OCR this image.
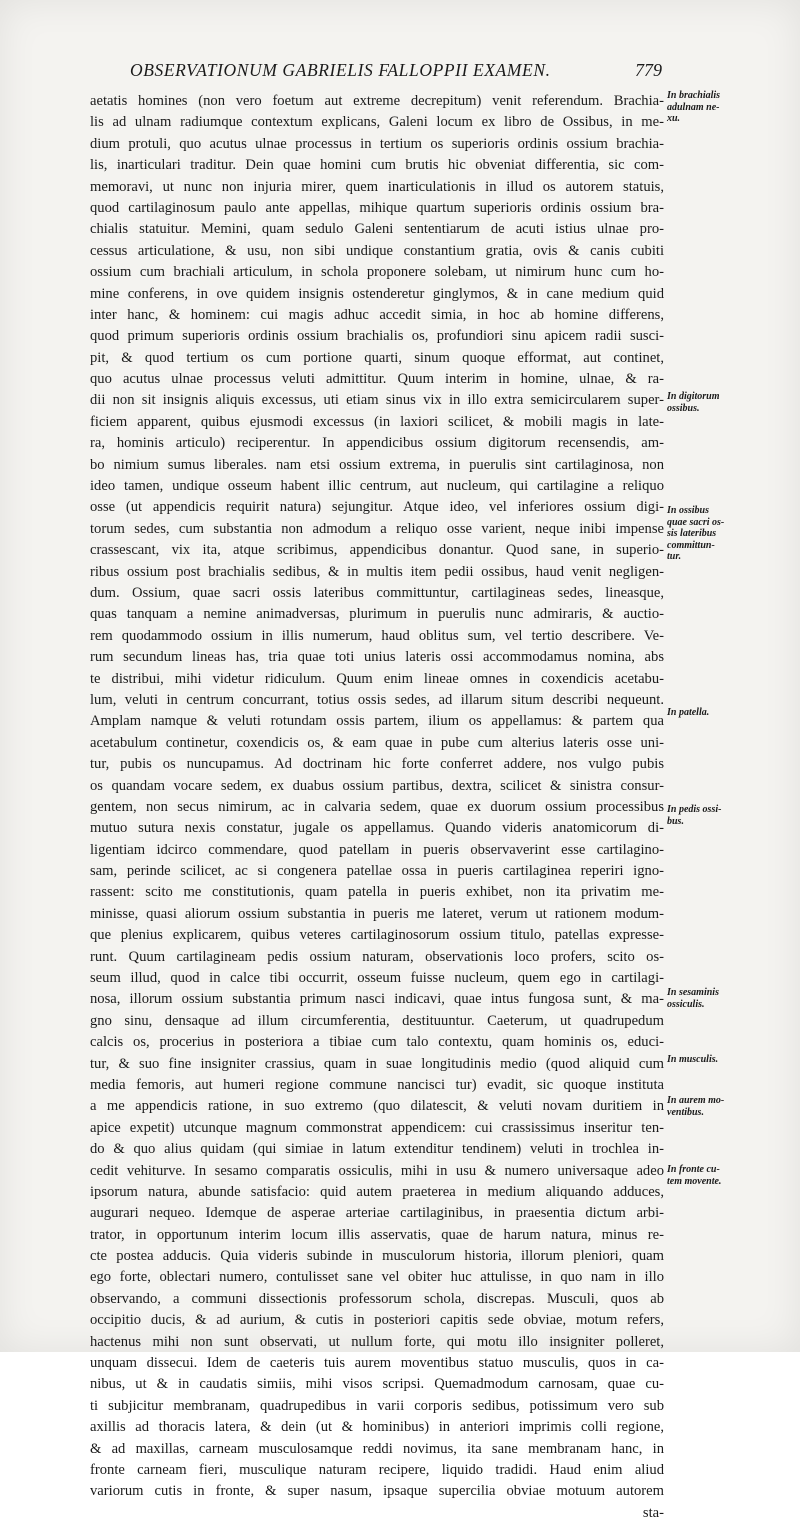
OBSERVATIONUM GABRIELIS FALLOPPII EXAMEN.	779
aetatis homines (non vero foetum aut extreme decrepitum) venit referendum. Brachia-
lis ad ulnam radiumque contextum explicans, Galeni locum ex libro de Ossibus, in me-
dium protuli, quo acutus ulnae processus in tertium os superioris ordinis ossium brachia-
lis, inarticulari traditur. Dein quae homini cum brutis hic obveniat differentia, sic com-
memoravi, ut nunc non injuria mirer, quem inarticulationis in illud os autorem statuis,
quod cartilaginosum paulo ante appellas, mihique quartum superioris ordinis ossium bra-
chialis statuitur. Memini, quam sedulo Galeni sententiarum de acuti istius ulnae pro-
cessus articulatione, & usu, non sibi undique constantium gratia, ovis & canis cubiti
ossium cum brachiali articulum, in schola proponere solebam, ut nimirum hunc cum ho-
mine conferens, in ove quidem insignis ostenderetur ginglymos, & in cane medium quid
inter hanc, & hominem: cui magis adhuc accedit simia, in hoc ab homine differens,
quod primum superioris ordinis ossium brachialis os, profundiori sinu apicem radii susci-
pit, & quod tertium os cum portione quarti, sinum quoque efformat, aut continet,
quo acutus ulnae processus veluti admittitur. Quum interim in homine, ulnae, & ra-
dii non sit insignis aliquis excessus, uti etiam sinus vix in illo extra semicircularem super-
ficiem apparent, quibus ejusmodi excessus (in laxiori scilicet, & mobili magis in late-
ra, hominis articulo) reciperentur. In appendicibus ossium digitorum recensendis, am-
bo nimium sumus liberales. nam etsi ossium extrema, in puerulis sint cartilaginosa, non
ideo tamen, undique osseum habent illic centrum, aut nucleum, qui cartilagine a reliquo
osse (ut appendicis requirit natura) sejungitur. Atque ideo, vel inferiores ossium digi-
torum sedes, cum substantia non admodum a reliquo osse varient, neque inibi impense
crassescant, vix ita, atque scribimus, appendicibus donantur. Quod sane, in superio-
ribus ossium post brachialis sedibus, & in multis item pedii ossibus, haud venit negligen-
dum. Ossium, quae sacri ossis lateribus committuntur, cartilagineas sedes, lineasque,
quas tanquam a nemine animadversas, plurimum in puerulis nunc admiraris, & auctio-
rem quodammodo ossium in illis numerum, haud oblitus sum, vel tertio describere. Ve-
rum secundum lineas has, tria quae toti unius lateris ossi accommodamus nomina, abs
te distribui, mihi videtur ridiculum. Quum enim lineae omnes in coxendicis acetabu-
lum, veluti in centrum concurrant, totius ossis sedes, ad illarum situm describi nequeunt.
Amplam namque & veluti rotundam ossis partem, ilium os appellamus: & partem qua
acetabulum continetur, coxendicis os, & eam quae in pube cum alterius lateris osse uni-
tur, pubis os nuncupamus. Ad doctrinam hic forte conferret addere, nos vulgo pubis
os quandam vocare sedem, ex duabus ossium partibus, dextra, scilicet & sinistra consur-
gentem, non secus nimirum, ac in calvaria sedem, quae ex duorum ossium processibus
mutuo sutura nexis constatur, jugale os appellamus. Quando videris anatomicorum di-
ligentiam idcirco commendare, quod patellam in pueris observaverint esse cartilagino-
sam, perinde scilicet, ac si congenera patellae ossa in pueris cartilaginea reperiri igno-
rassent: scito me constitutionis, quam patella in pueris exhibet, non ita privatim me-
minisse, quasi aliorum ossium substantia in pueris me lateret, verum ut rationem modum-
que plenius explicarem, quibus veteres cartilaginosorum ossium titulo, patellas expresse-
runt. Quum cartilagineam pedis ossium naturam, observationis loco profers, scito os-
seum illud, quod in calce tibi occurrit, osseum fuisse nucleum, quem ego in cartilagi-
nosa, illorum ossium substantia primum nasci indicavi, quae intus fungosa sunt, & ma-
gno sinu, densaque ad illum circumferentia, destituuntur. Caeterum, ut quadrupedum
calcis os, procerius in posteriora a tibiae cum talo contextu, quam hominis os, educi-
tur, & suo fine insigniter crassius, quam in suae longitudinis medio (quod aliquid cum
media femoris, aut humeri regione commune nancisci tur) evadit, sic quoque instituta
a me appendicis ratione, in suo extremo (quo dilatescit, & veluti novam duritiem in
apice expetit) utcunque magnum commonstrat appendicem: cui crassissimus inseritur ten-
do & quo alius quidam (qui simiae in latum extenditur tendinem) veluti in trochlea in-
cedit vehiturve. In sesamo comparatis ossiculis, mihi in usu & numero universaque adeo
ipsorum natura, abunde satisfacio: quid autem praeterea in medium aliquando adduces,
augurari nequeo. Idemque de asperae arteriae cartilaginibus, in praesentia dictum arbi-
trator, in opportunum interim locum illis asservatis, quae de harum natura, minus re-
cte postea adducis. Quia videris subinde in musculorum historia, illorum pleniori, quam
ego forte, oblectari numero, contulisset sane vel obiter huc attulisse, in quo nam in illo
observando, a communi dissectionis professorum schola, discrepas. Musculi, quos ab
occipitio ducis, & ad aurium, & cutis in posteriori capitis sede obviae, motum refers,
hactenus mihi non sunt observati, ut nullum forte, qui motu illo insigniter polleret,
unquam dissecui. Idem de caeteris tuis aurem moventibus statuo musculis, quos in ca-
nibus, ut & in caudatis simiis, mihi visos scripsi. Quemadmodum carnosam, quae cu-
ti subjicitur membranam, quadrupedibus in varii corporis sedibus, potissimum vero sub
axillis ad thoracis latera, & dein (ut & hominibus) in anteriori imprimis colli regione,
& ad maxillas, carneam musculosamque reddi novimus, ita sane membranam hanc, in
fronte carneam fieri, musculique naturam recipere, liquido tradidi. Haud enim aliud
variorum cutis in fronte, & super nasum, ipsaque supercilia obviae motuum autorem
sta-
In brachialis
adulnam ne-
xu.
In digitorum
ossibus.
In ossibus
quae sacri os-
sis lateribus
committun-
tur.
In patella.
In pedis ossi-
bus.
In sesaminis
ossiculis.
In musculis.
In aurem mo-
ventibus.
In fronte cu-
tem movente.
